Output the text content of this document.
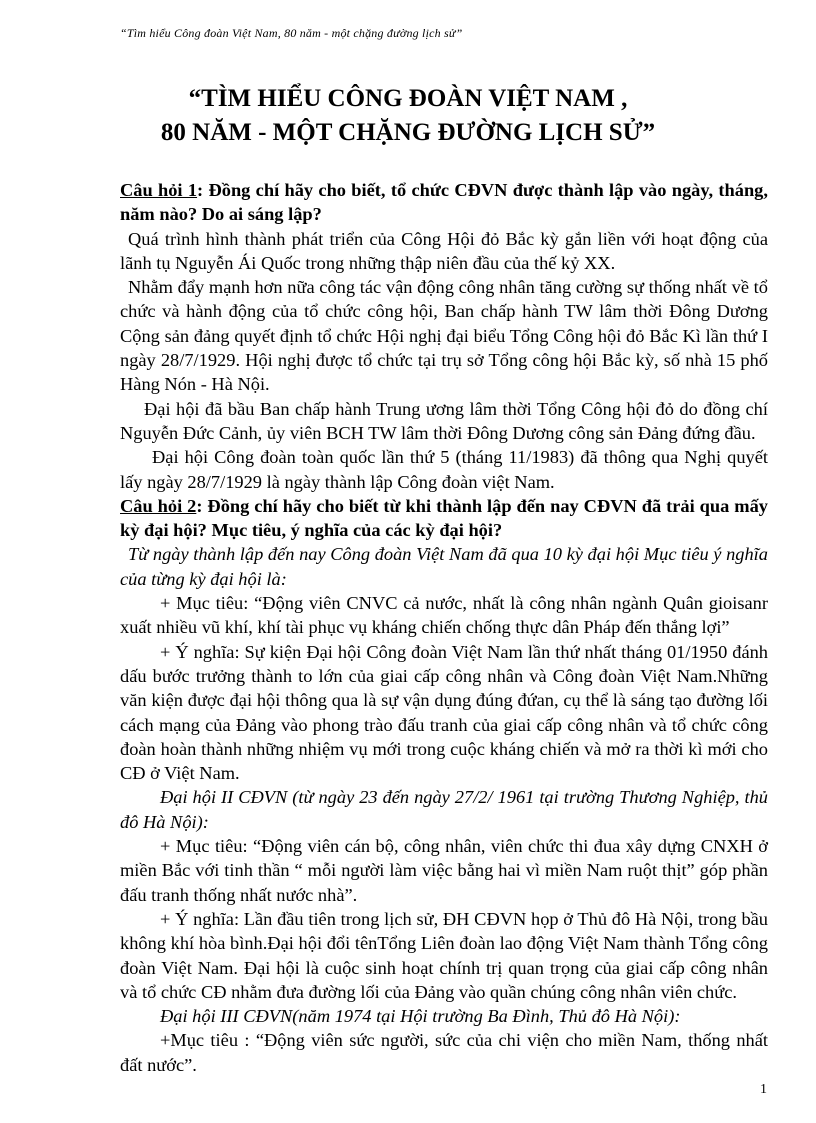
“Tìm hiểu Công đoàn Việt Nam, 80 năm - một chặng đường lịch sử”
“TÌM HIỂU CÔNG ĐOÀN VIỆT NAM ,
80 NĂM - MỘT CHẶNG ĐƯỜNG LỊCH SỬ”

Câu hỏi 1: Đồng chí hãy cho biết, tổ chức CĐVN được thành lập vào ngày, tháng, năm nào? Do ai sáng lập?

Quá trình hình thành phát triển của Công Hội đỏ Bắc kỳ gắn liền với hoạt động của lãnh tụ Nguyễn Ái Quốc trong những thập niên đầu của thế kỷ XX.

Nhằm đẩy mạnh hơn nữa công tác vận động công nhân tăng cường sự thống nhất về tổ chức và hành động của tổ chức công hội, Ban chấp hành TW lâm thời Đông Dương Cộng sản đảng quyết định tổ chức Hội nghị đại biểu Tổng Công hội đỏ Bắc Kì lần thứ I ngày 28/7/1929. Hội nghị được tổ chức tại trụ sở Tổng công hội Bắc kỳ, số nhà 15 phố Hàng Nón - Hà Nội.

Đại hội đã bầu Ban chấp hành Trung ương lâm thời Tổng Công hội đỏ do đồng chí Nguyễn Đức Cảnh, ủy viên BCH TW lâm thời Đông Dương công sản Đảng đứng đầu.

Đại hội Công đoàn toàn quốc lần thứ 5 (tháng 11/1983) đã thông qua Nghị quyết lấy ngày 28/7/1929 là ngày thành lập Công đoàn việt Nam.

Câu hỏi 2: Đồng chí hãy cho biết từ khi thành lập đến nay CĐVN đã trải qua mấy kỳ đại hội? Mục tiêu, ý nghĩa của các kỳ đại hội?

Từ ngày thành lập đến nay Công đoàn Việt Nam đã qua 10 kỳ đại hội Mục tiêu ý nghĩa của từng kỳ đại hội là:

+ Mục tiêu: “Động viên CNVC cả nước, nhất là công nhân ngành Quân gioisanr xuất nhiều vũ khí, khí tài phục vụ kháng chiến chống thực dân Pháp đến thắng lợi”

+ Ý nghĩa: Sự kiện Đại hội Công đoàn Việt Nam lần thứ nhất tháng 01/1950 đánh dấu bước trưởng thành to lớn của giai cấp công nhân và Công đoàn Việt Nam.Những văn kiện được đại hội thông qua là sự vận dụng đúng đứan, cụ thể là sáng tạo đường lối cách mạng của Đảng vào phong trào đấu tranh của giai cấp công nhân và tổ chức công đoàn hoàn thành những nhiệm vụ mới trong cuộc kháng chiến và mở ra thời kì mới cho CĐ ở Việt Nam.

Đại hội II CĐVN (từ ngày 23 đến ngày 27/2/ 1961 tại trường Thương Nghiệp, thủ đô Hà Nội):

+ Mục tiêu: “Động viên cán bộ, công nhân, viên chức thi đua xây dựng CNXH ở miền Bắc với tinh thần “ mỗi người làm việc bằng hai vì miền Nam ruột thịt” góp phần đấu tranh thống nhất nước nhà”.

+ Ý nghĩa: Lần đầu tiên trong lịch sử, ĐH CĐVN họp ở Thủ đô Hà Nội, trong bầu không khí hòa bình.Đại hội đổi tênTổng Liên đoàn lao động Việt Nam thành Tổng công đoàn Việt Nam. Đại hội là cuộc sinh hoạt chính trị quan trọng của giai cấp công nhân và tổ chức CĐ nhằm đưa đường lối của Đảng vào quần chúng công nhân viên chức.

Đại hội III CĐVN(năm 1974 tại Hội trường Ba Đình, Thủ đô Hà Nội):

+Mục tiêu : “Động viên sức người, sức của chi viện cho miền Nam, thống nhất đất nước”.

1
